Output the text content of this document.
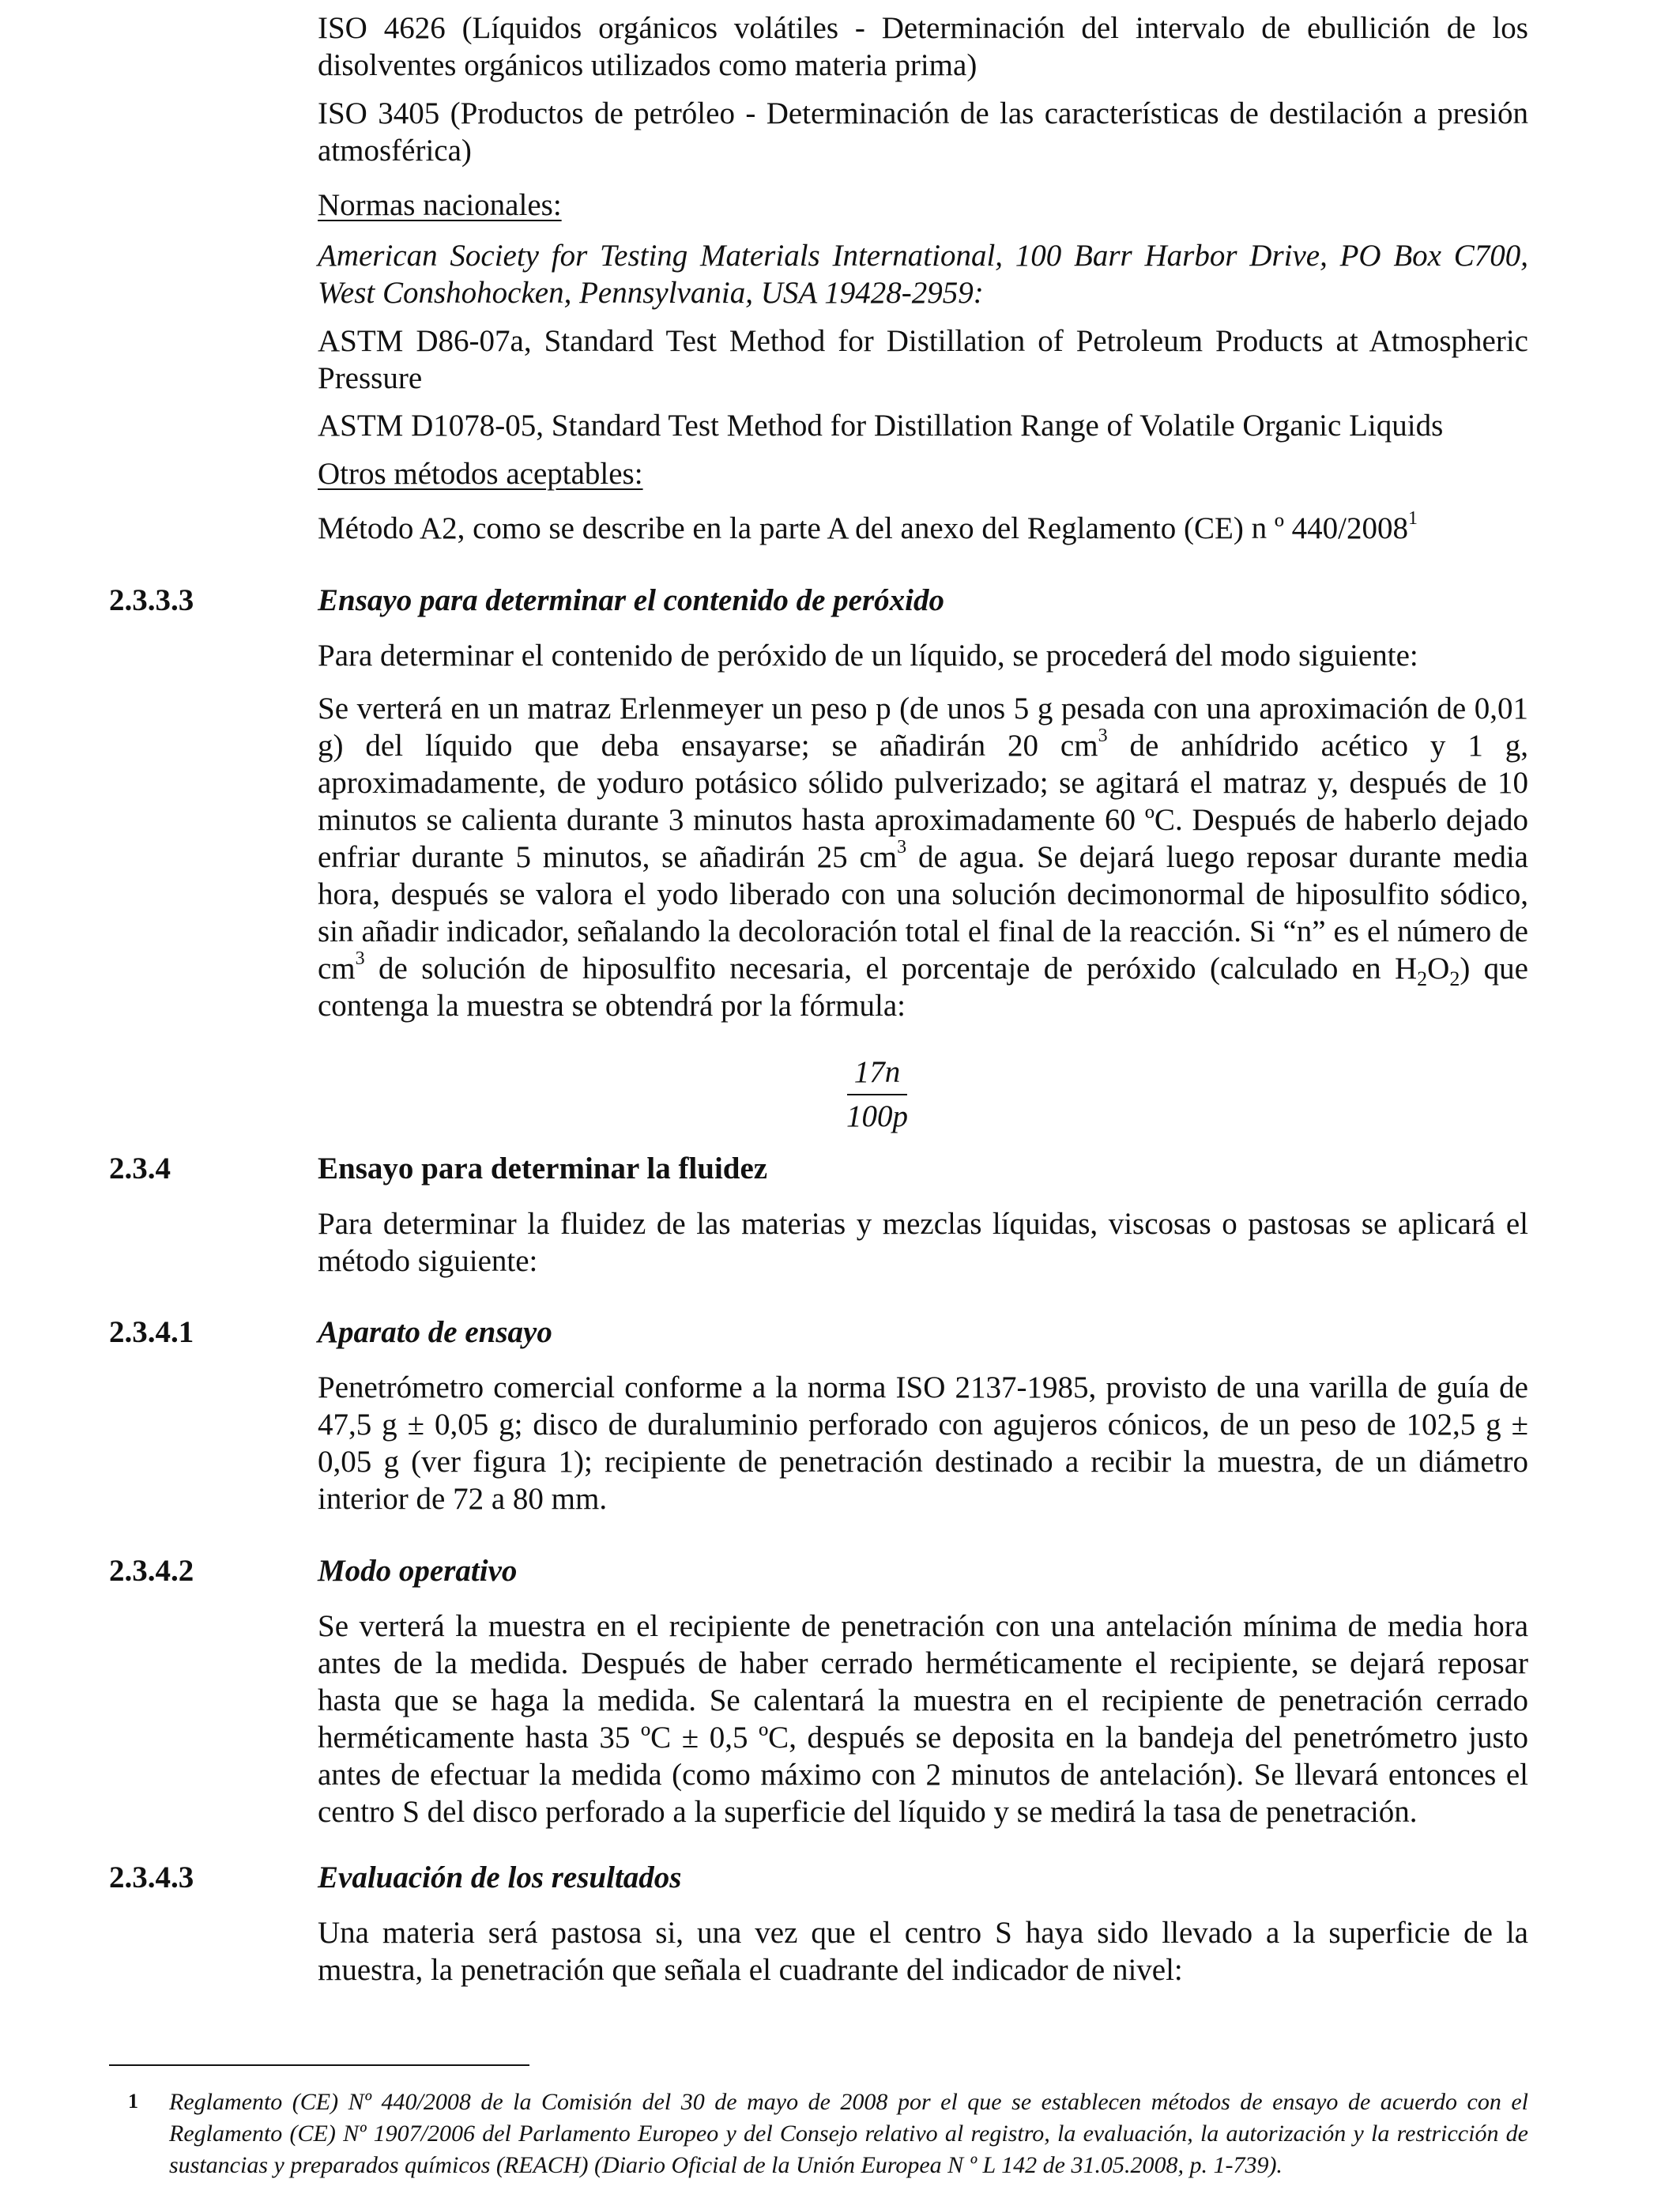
ISO 4626 (Líquidos orgánicos volátiles - Determinación del intervalo de ebullición de los disolventes orgánicos utilizados como materia prima)

ISO 3405 (Productos de petróleo - Determinación de las características de destilación a presión atmosférica)

Normas nacionales:

American Society for Testing Materials International, 100 Barr Harbor Drive, PO Box C700, West Conshohocken, Pennsylvania, USA 19428-2959:

ASTM D86-07a, Standard Test Method for Distillation of Petroleum Products at Atmospheric Pressure

ASTM D1078-05, Standard Test Method for Distillation Range of Volatile Organic Liquids

Otros métodos aceptables:

Método A2, como se describe en la parte A del anexo del Reglamento (CE) n º 440/2008$^1$

2.3.3.3	Ensayo para determinar el contenido de peróxido

Para determinar el contenido de peróxido de un líquido, se procederá del modo siguiente:

Se verterá en un matraz Erlenmeyer un peso p (de unos 5 g pesada con una aproximación de 0,01 g) del líquido que deba ensayarse; se añadirán 20 $cm^3$ de anhídrido acético y 1 g, aproximadamente, de yoduro potásico sólido pulverizado; se agitará el matraz y, después de 10 minutos se calienta durante 3 minutos hasta aproximadamente 60 ºC. Después de haberlo dejado enfriar durante 5 minutos, se añadirán 25 $cm^3$ de agua. Se dejará luego reposar durante media hora, después se valora el yodo liberado con una solución decimonormal de hiposulfito sódico, sin añadir indicador, señalando la decoloración total el final de la reacción. Si “n” es el número de $cm^3$ de solución de hiposulfito necesaria, el porcentaje de peróxido (calculado en $H_2O_2$) que contenga la muestra se obtendrá por la fórmula:

17n
100p

2.3.4	Ensayo para determinar la fluidez

Para determinar la fluidez de las materias y mezclas líquidas, viscosas o pastosas se aplicará el método siguiente:

2.3.4.1	Aparato de ensayo

Penetrómetro comercial conforme a la norma ISO 2137-1985, provisto de una varilla de guía de 47,5 g ± 0,05 g; disco de duraluminio perforado con agujeros cónicos, de un peso de 102,5 g ± 0,05 g (ver figura 1); recipiente de penetración destinado a recibir la muestra, de un diámetro interior de 72 a 80 mm.

2.3.4.2	Modo operativo

Se verterá la muestra en el recipiente de penetración con una antelación mínima de media hora antes de la medida. Después de haber cerrado herméticamente el recipiente, se dejará reposar hasta que se haga la medida. Se calentará la muestra en el recipiente de penetración cerrado herméticamente hasta 35 ºC ± 0,5 ºC, después se deposita en la bandeja del penetrómetro justo antes de efectuar la medida (como máximo con 2 minutos de antelación). Se llevará entonces el centro S del disco perforado a la superficie del líquido y se medirá la tasa de penetración.

2.3.4.3	Evaluación de los resultados

Una materia será pastosa si, una vez que el centro S haya sido llevado a la superficie de la muestra, la penetración que señala el cuadrante del indicador de nivel:

1 Reglamento (CE) Nº 440/2008 de la Comisión del 30 de mayo de 2008 por el que se establecen métodos de ensayo de acuerdo con el Reglamento (CE) Nº 1907/2006 del Parlamento Europeo y del Consejo relativo al registro, la evaluación, la autorización y la restricción de sustancias y preparados químicos (REACH) (Diario Oficial de la Unión Europea N º L 142 de 31.05.2008, p. 1-739).
